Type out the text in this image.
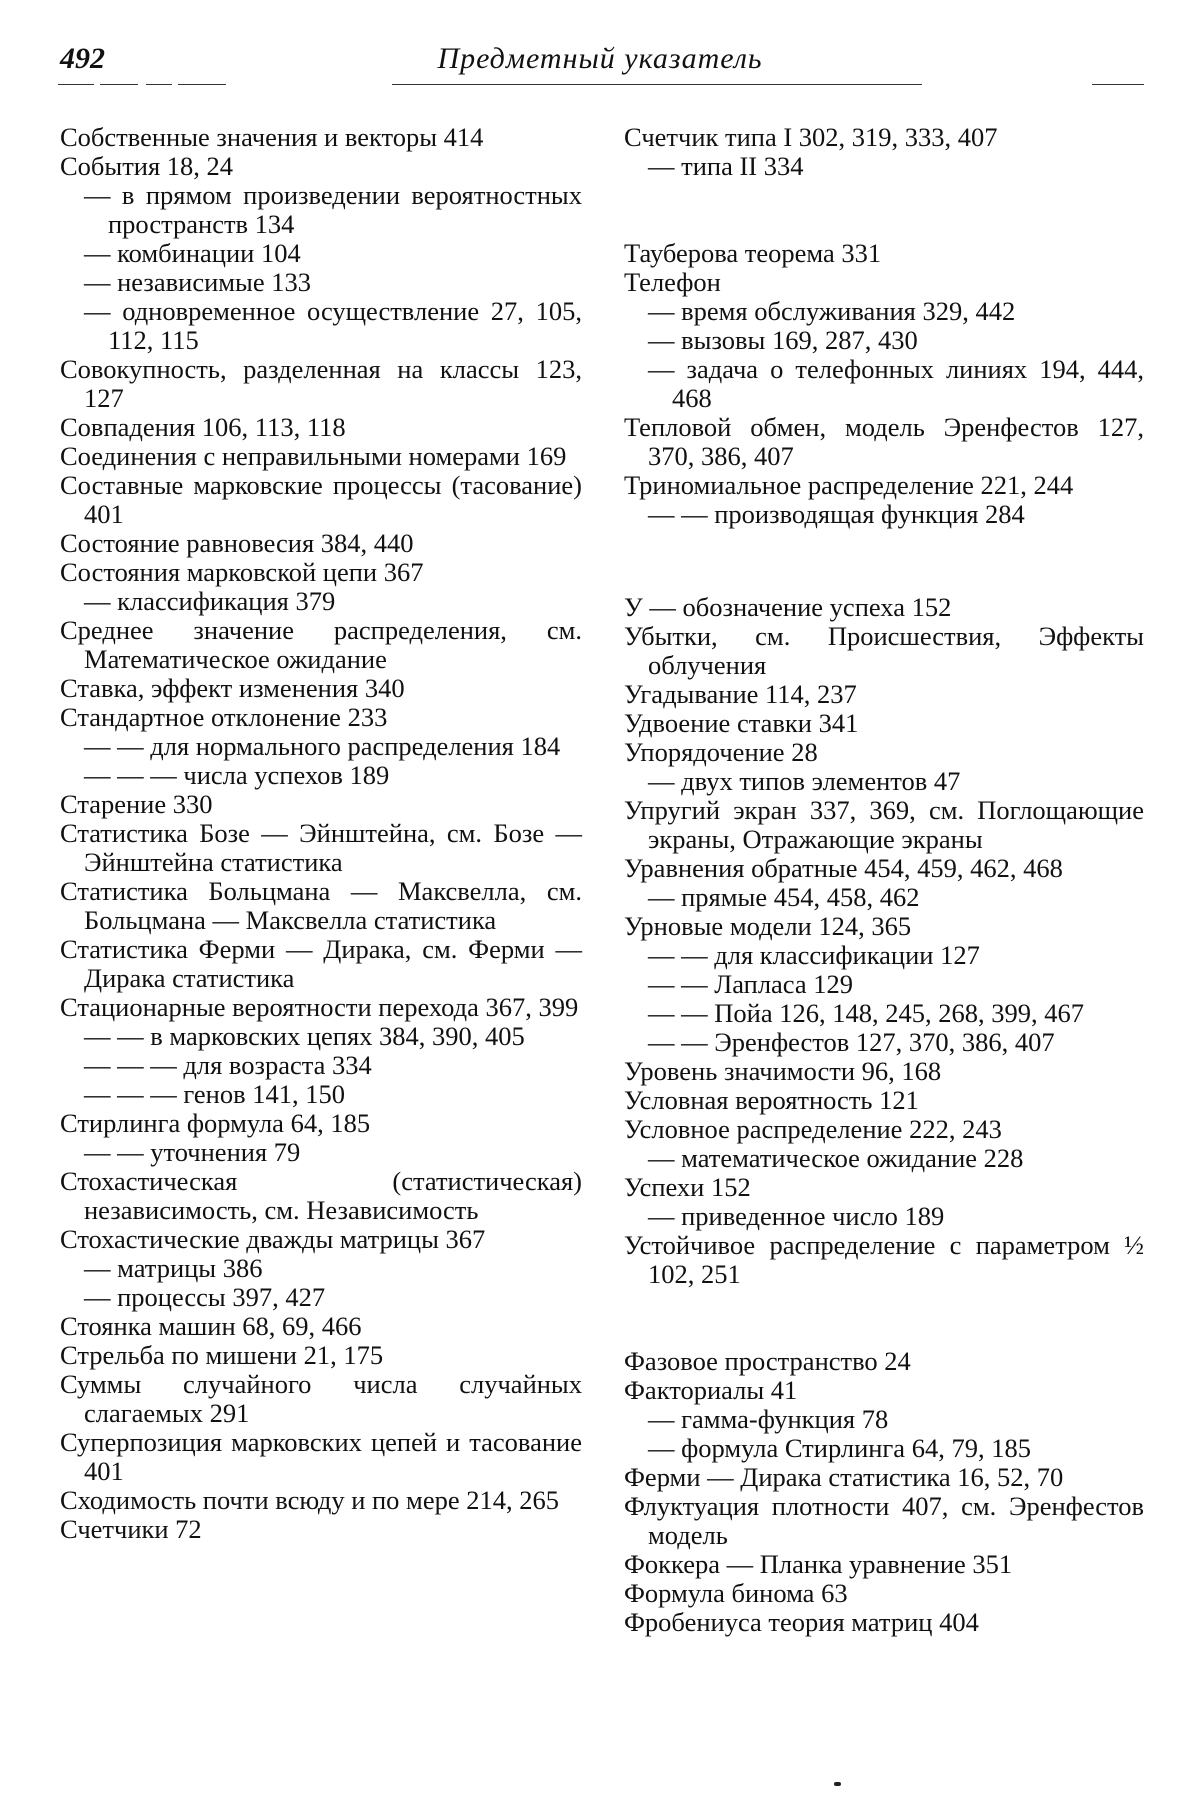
492	Предметный указатель
Собственные значения и векторы 414
События 18, 24
— в прямом произведении вероятностных пространств 134
— комбинации 104
— независимые 133
— одновременное осуществление 27, 105, 112, 115
Совокупность, разделенная на классы 123, 127
Совпадения 106, 113, 118
Соединения с неправильными номерами 169
Составные марковские процессы (тасование) 401
Состояние равновесия 384, 440
Состояния марковской цепи 367
— классификация 379
Среднее значение распределения, см. Математическое ожидание
Ставка, эффект изменения 340
Стандартное отклонение 233
— — для нормального распределения 184
— — — числа успехов 189
Старение 330
Статистика Бозе — Эйнштейна, см. Бозе — Эйнштейна статистика
Статистика Больцмана — Максвелла, см. Больцмана — Максвелла статистика
Статистика Ферми — Дирака, см. Ферми — Дирака статистика
Стационарные вероятности перехода 367, 399
— — в марковских цепях 384, 390, 405
— — — для возраста 334
— — — генов 141, 150
Стирлинга формула 64, 185
— — уточнения 79
Стохастическая (статистическая) независимость, см. Независимость
Стохастические дважды матрицы 367
— матрицы 386
— процессы 397, 427
Стоянка машин 68, 69, 466
Стрельба по мишени 21, 175
Суммы случайного числа случайных слагаемых 291
Суперпозиция марковских цепей и тасование 401
Сходимость почти всюду и по мере 214, 265
Счетчики 72
Счетчик типа I 302, 319, 333, 407
— типа II 334
Тауберова теорема 331
Телефон
— время обслуживания 329, 442
— вызовы 169, 287, 430
— задача о телефонных линиях 194, 444, 468
Тепловой обмен, модель Эренфестов 127, 370, 386, 407
Триномиальное распределение 221, 244
— — производящая функция 284
У — обозначение успеха 152
Убытки, см. Происшествия, Эффекты облучения
Угадывание 114, 237
Удвоение ставки 341
Упорядочение 28
— двух типов элементов 47
Упругий экран 337, 369, см. Поглощающие экраны, Отражающие экраны
Уравнения обратные 454, 459, 462, 468
— прямые 454, 458, 462
Урновые модели 124, 365
— — для классификации 127
— — Лапласа 129
— — Пойа 126, 148, 245, 268, 399, 467
— — Эренфестов 127, 370, 386, 407
Уровень значимости 96, 168
Условная вероятность 121
Условное распределение 222, 243
— математическое ожидание 228
Успехи 152
— приведенное число 189
Устойчивое распределение с параметром ½ 102, 251
Фазовое пространство 24
Факториалы 41
— гамма-функция 78
— формула Стирлинга 64, 79, 185
Ферми — Дирака статистика 16, 52, 70
Флуктуация плотности 407, см. Эренфестов модель
Фоккера — Планка уравнение 351
Формула бинома 63
Фробениуса теория матриц 404
